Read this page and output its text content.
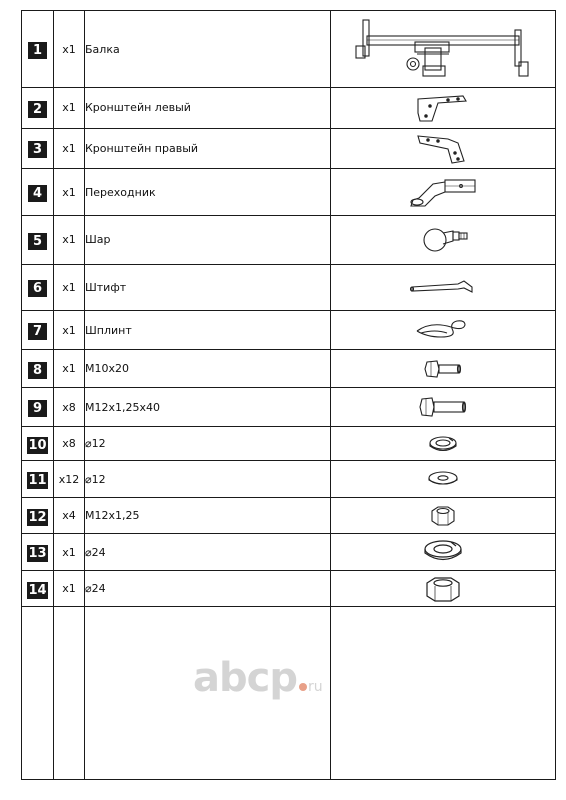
1	x1	Балка	
2	x1	Кронштейн левый	
3	x1	Кронштейн правый	
4	x1	Переходник	
5	x1	Шар	
6	x1	Штифт	
7	x1	Шплинт	
8	x1	M10x20	
9	x8	M12x1,25x40	
10	x8	⌀12	
11	x12	⌀12	
12	x4	M12x1,25	
13	x1	⌀24	
14	x1	⌀24	

abcp ru
